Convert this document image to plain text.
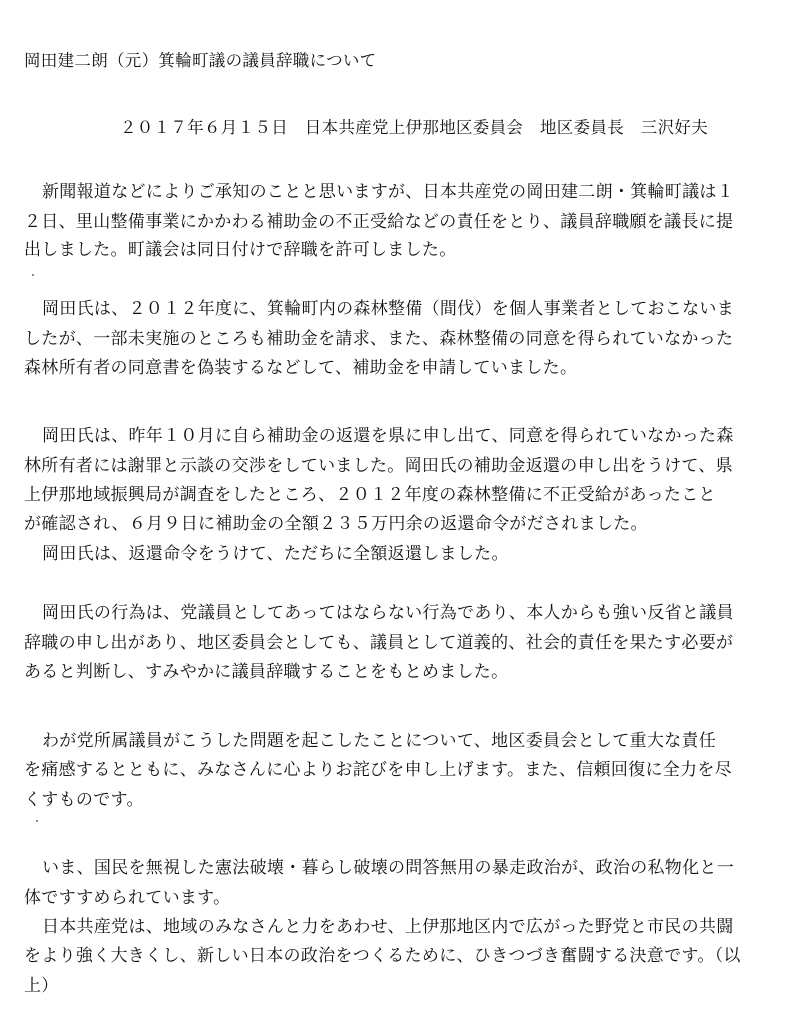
岡田建二朗（元）箕輪町議の議員辞職について
２０１７年６月１５日　日本共産党上伊那地区委員会　地区委員長　三沢好夫
新聞報道などによりご承知のことと思いますが、日本共産党の岡田建二朗・箕輪町議は１
２日、里山整備事業にかかわる補助金の不正受給などの責任をとり、議員辞職願を議長に提
出しました。町議会は同日付けで辞職を許可しました。
岡田氏は、２０１２年度に、箕輪町内の森林整備（間伐）を個人事業者としておこないま
したが、一部未実施のところも補助金を請求、また、森林整備の同意を得られていなかった
森林所有者の同意書を偽装するなどして、補助金を申請していました。
岡田氏は、昨年１０月に自ら補助金の返還を県に申し出て、同意を得られていなかった森
林所有者には謝罪と示談の交渉をしていました。岡田氏の補助金返還の申し出をうけて、県
上伊那地域振興局が調査をしたところ、２０１２年度の森林整備に不正受給があったこと
が確認され、６月９日に補助金の全額２３５万円余の返還命令がだされました。
岡田氏は、返還命令をうけて、ただちに全額返還しました。
岡田氏の行為は、党議員としてあってはならない行為であり、本人からも強い反省と議員
辞職の申し出があり、地区委員会としても、議員として道義的、社会的責任を果たす必要が
あると判断し、すみやかに議員辞職することをもとめました。
わが党所属議員がこうした問題を起こしたことについて、地区委員会として重大な責任
を痛感するとともに、みなさんに心よりお詫びを申し上げます。また、信頼回復に全力を尽
くすものです。
いま、国民を無視した憲法破壊・暮らし破壊の問答無用の暴走政治が、政治の私物化と一
体ですすめられています。
日本共産党は、地域のみなさんと力をあわせ、上伊那地区内で広がった野党と市民の共闘
をより強く大きくし、新しい日本の政治をつくるために、ひきつづき奮闘する決意です。（以
上）
